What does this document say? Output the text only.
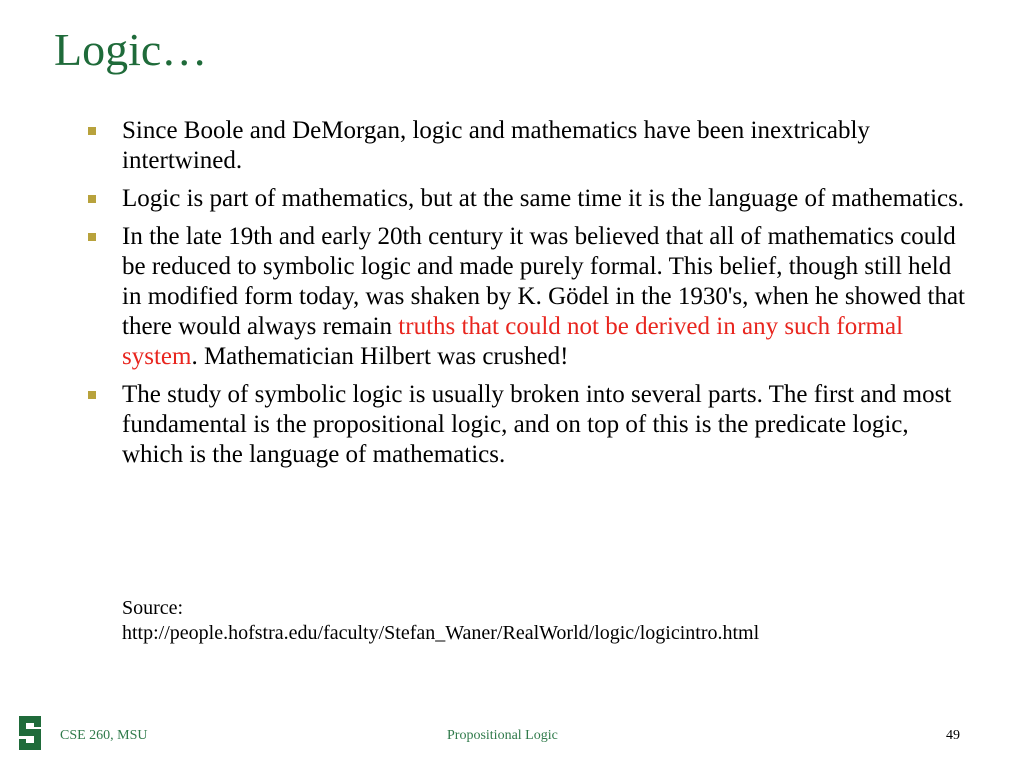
Logic…
Since Boole and DeMorgan, logic and mathematics have been inextricably intertwined.
Logic is part of mathematics, but at the same time it is the language of mathematics.
In the late 19th and early 20th century it was believed that all of mathematics could be reduced to symbolic logic and made purely formal. This belief, though still held in modified form today, was shaken by K. Gödel in the 1930's, when he showed that there would always remain truths that could not be derived in any such formal system. Mathematician Hilbert was crushed!
The study of symbolic logic is usually broken into several parts. The first and most fundamental is the propositional logic, and on top of this is the predicate logic, which is the language of mathematics.
Source:
http://people.hofstra.edu/faculty/Stefan_Waner/RealWorld/logic/logicintro.html
CSE 260, MSU	Propositional Logic	49
